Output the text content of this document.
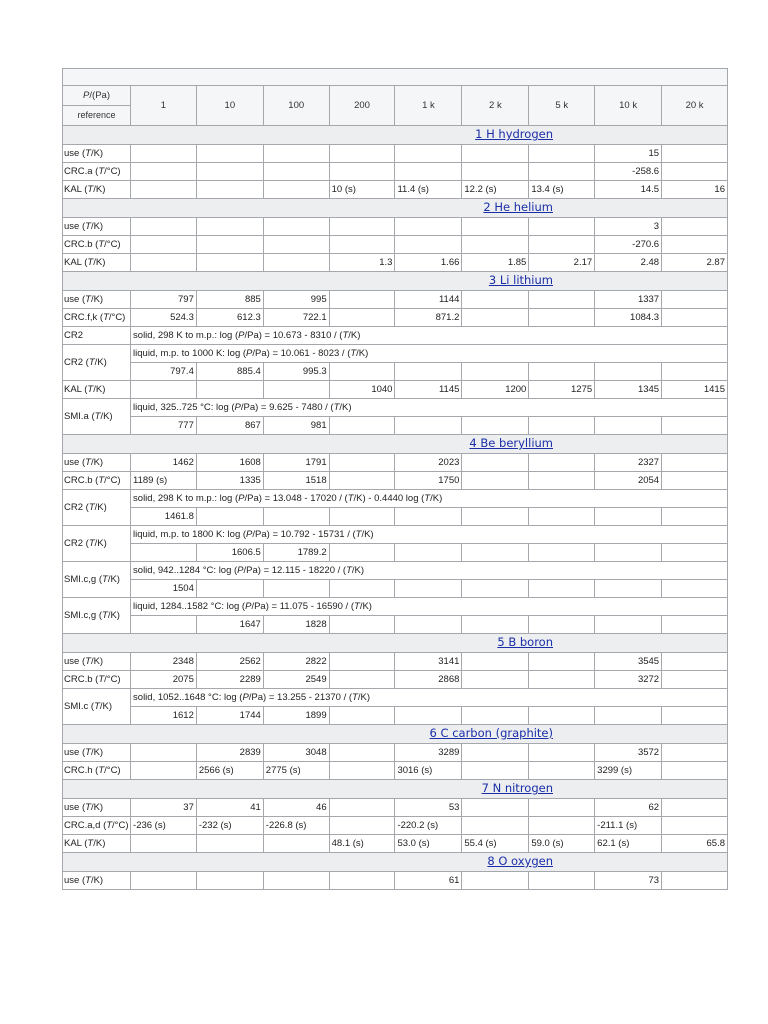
P/(Pa)	1	10	100	200	1 k	2 k	5 k	10 k	20 k
reference									
1 H hydrogen									
use (T/K)								15	
CRC.a (T/°C)								-258.6	
KAL (T/K)				10 (s)	11.4 (s)	12.2 (s)	13.4 (s)	14.5	16
2 He helium									
use (T/K)								3	
CRC.b (T/°C)								-270.6	
KAL (T/K)				1.3	1.66	1.85	2.17	2.48	2.87
3 Li lithium									
use (T/K)	797	885	995		1144			1337	
CRC.f,k (T/°C)	524.3	612.3	722.1		871.2			1084.3	
CR2	solid, 298 K to m.p.: log (P/Pa) = 10.673 - 8310 / (T/K)								
CR2 (T/K)	liquid, m.p. to 1000 K: log (P/Pa) = 10.061 - 8023 / (T/K)								
	797.4	885.4	995.3						
KAL (T/K)				1040	1145	1200	1275	1345	1415
SMI.a (T/K)	liquid, 325..725 °C: log (P/Pa) = 9.625 - 7480 / (T/K)								
	777	867	981						
4 Be beryllium									
use (T/K)	1462	1608	1791		2023			2327	
CRC.b (T/°C)	1189 (s)	1335	1518		1750			2054	
CR2 (T/K)	solid, 298 K to m.p.: log (P/Pa) = 13.048 - 17020 / (T/K) - 0.4440 log (T/K)								
	1461.8								
CR2 (T/K)	liquid, m.p. to 1800 K: log (P/Pa) = 10.792 - 15731 / (T/K)								
		1606.5	1789.2						
SMI.c,g (T/K)	solid, 942..1284 °C: log (P/Pa) = 12.115 - 18220 / (T/K)								
	1504								
SMI.c,g (T/K)	liquid, 1284..1582 °C: log (P/Pa) = 11.075 - 16590 / (T/K)								
		1647	1828						
5 B boron									
use (T/K)	2348	2562	2822		3141			3545	
CRC.b (T/°C)	2075	2289	2549		2868			3272	
SMI.c (T/K)	solid, 1052..1648 °C: log (P/Pa) = 13.255 - 21370 / (T/K)								
	1612	1744	1899						
6 C carbon (graphite)									
use (T/K)		2839	3048		3289			3572	
CRC.h (T/°C)		2566 (s)	2775 (s)		3016 (s)			3299 (s)	
7 N nitrogen									
use (T/K)	37	41	46		53			62	
CRC.a,d (T/°C)	-236 (s)	-232 (s)	-226.8 (s)		-220.2 (s)			-211.1 (s)	
KAL (T/K)				48.1 (s)	53.0 (s)	55.4 (s)	59.0 (s)	62.1 (s)	65.8
8 O oxygen									
use (T/K)					61			73	
